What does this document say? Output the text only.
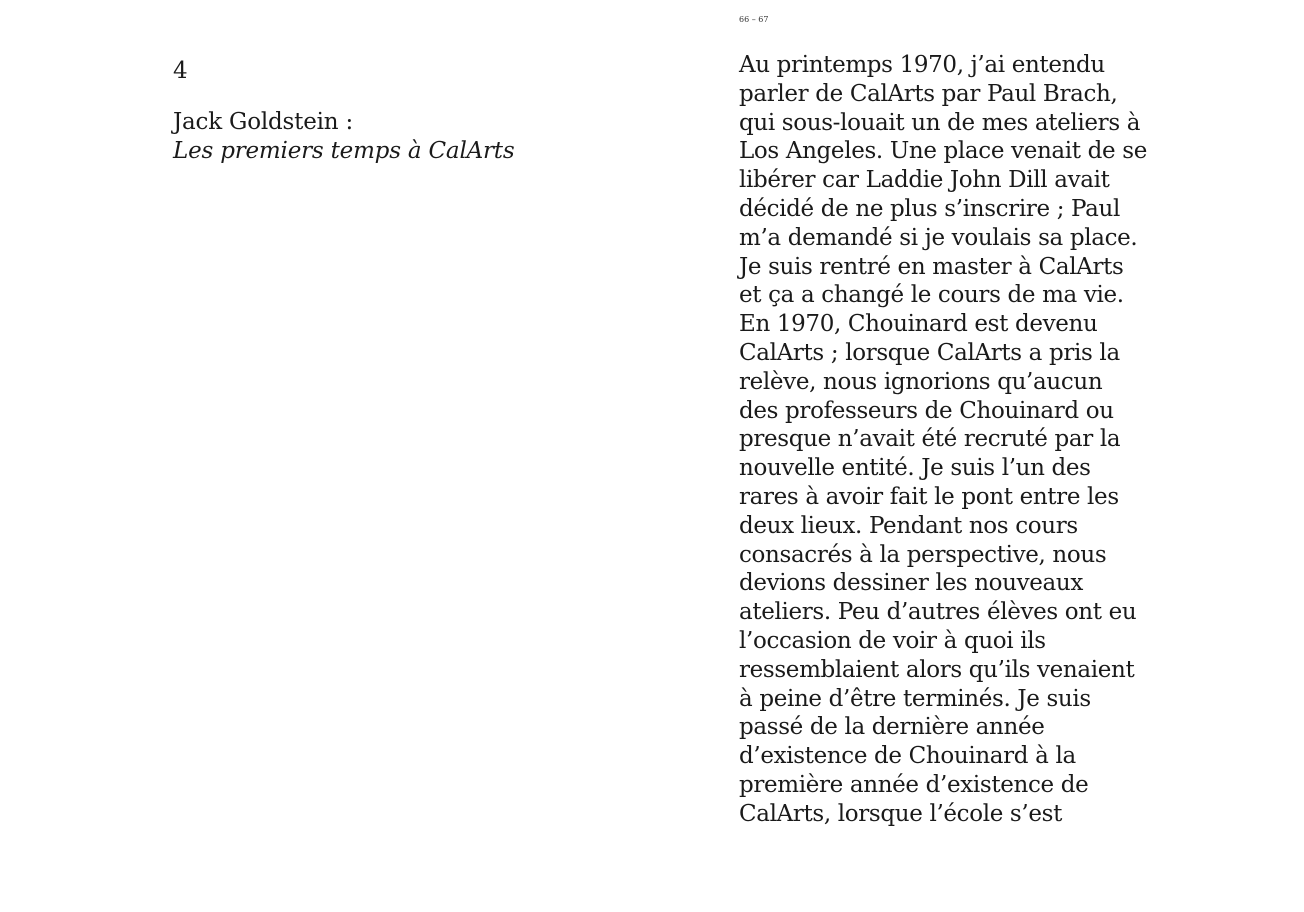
4

Jack Goldstein :
Les premiers temps à CalArts

66 – 67

Au printemps 1970, j’ai entendu
parler de CalArts par Paul Brach,
qui sous-louait un de mes ateliers à
Los Angeles. Une place venait de se
libérer car Laddie John Dill avait
décidé de ne plus s’inscrire ; Paul
m’a demandé si je voulais sa place.
Je suis rentré en master à CalArts
et ça a changé le cours de ma vie.
En 1970, Chouinard est devenu
CalArts ; lorsque CalArts a pris la
relève, nous ignorions qu’aucun
des professeurs de Chouinard ou
presque n’avait été recruté par la
nouvelle entité. Je suis l’un des
rares à avoir fait le pont entre les
deux lieux. Pendant nos cours
consacrés à la perspective, nous
devions dessiner les nouveaux
ateliers. Peu d’autres élèves ont eu
l’occasion de voir à quoi ils
ressemblaient alors qu’ils venaient
à peine d’être terminés. Je suis
passé de la dernière année
d’existence de Chouinard à la
première année d’existence de
CalArts, lorsque l’école s’est
